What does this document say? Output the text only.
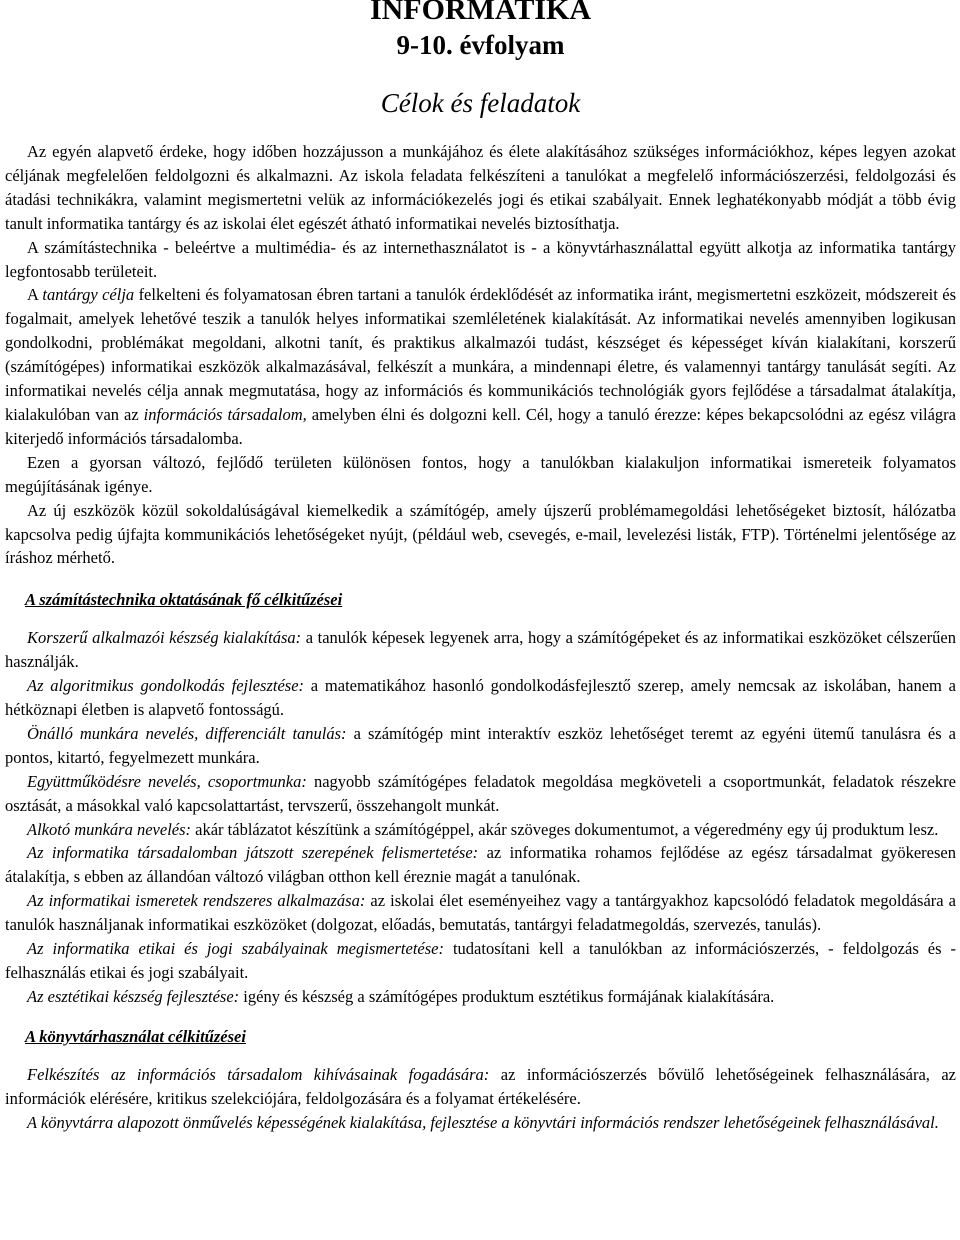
INFORMATIKA
9-10. évfolyam
Célok és feladatok

Az egyén alapvető érdeke, hogy időben hozzájusson a munkájához és élete alakításához szükséges információkhoz, képes legyen azokat céljának megfelelően feldolgozni és alkalmazni. Az iskola feladata felkészíteni a tanulókat a megfelelő információszerzési, feldolgozási és átadási technikákra, valamint megismertetni velük az információkezelés jogi és etikai szabályait. Ennek leghatékonyabb módját a több évig tanult informatika tantárgy és az iskolai élet egészét átható informatikai nevelés biztosíthatja.

A számítástechnika - beleértve a multimédia- és az internethasználatot is - a könyvtárhasználattal együtt alkotja az informatika tantárgy legfontosabb területeit.

A tantárgy célja felkelteni és folyamatosan ébren tartani a tanulók érdeklődését az informatika iránt, megismertetni eszközeit, módszereit és fogalmait, amelyek lehetővé teszik a tanulók helyes informatikai szemléletének kialakítását. Az informatikai nevelés amennyiben logikusan gondolkodni, problémákat megoldani, alkotni tanít, és praktikus alkalmazói tudást, készséget és képességet kíván kialakítani, korszerű (számítógépes) informatikai eszközök alkalmazásával, felkészít a munkára, a mindennapi életre, és valamennyi tantárgy tanulását segíti. Az informatikai nevelés célja annak megmutatása, hogy az információs és kommunikációs technológiák gyors fejlődése a társadalmat átalakítja, kialakulóban van az információs társadalom, amelyben élni és dolgozni kell. Cél, hogy a tanuló érezze: képes bekapcsolódni az egész világra kiterjedő információs társadalomba.

Ezen a gyorsan változó, fejlődő területen különösen fontos, hogy a tanulókban kialakuljon informatikai ismereteik folyamatos megújításának igénye.

Az új eszközök közül sokoldalúságával kiemelkedik a számítógép, amely újszerű problémamegoldási lehetőségeket biztosít, hálózatba kapcsolva pedig újfajta kommunikációs lehetőségeket nyújt, (például web, csevegés, e-mail, levelezési listák, FTP). Történelmi jelentősége az íráshoz mérhető.

A számítástechnika oktatásának fő célkitűzései

Korszerű alkalmazói készség kialakítása: a tanulók képesek legyenek arra, hogy a számítógépeket és az informatikai eszközöket célszerűen használják.

Az algoritmikus gondolkodás fejlesztése: a matematikához hasonló gondolkodásfejlesztő szerep, amely nemcsak az iskolában, hanem a hétköznapi életben is alapvető fontosságú.

Önálló munkára nevelés, differenciált tanulás: a számítógép mint interaktív eszköz lehetőséget teremt az egyéni ütemű tanulásra és a pontos, kitartó, fegyelmezett munkára.

Együttműködésre nevelés, csoportmunka: nagyobb számítógépes feladatok megoldása megköveteli a csoportmunkát, feladatok részekre osztását, a másokkal való kapcsolattartást, tervszerű, összehangolt munkát.

Alkotó munkára nevelés: akár táblázatot készítünk a számítógéppel, akár szöveges dokumentumot, a végeredmény egy új produktum lesz.

Az informatika társadalomban játszott szerepének felismertetése: az informatika rohamos fejlődése az egész társadalmat gyökeresen átalakítja, s ebben az állandóan változó világban otthon kell éreznie magát a tanulónak.

Az informatikai ismeretek rendszeres alkalmazása: az iskolai élet eseményeihez vagy a tantárgyakhoz kapcsolódó feladatok megoldására a tanulók használjanak informatikai eszközöket (dolgozat, előadás, bemutatás, tantárgyi feladatmegoldás, szervezés, tanulás).

Az informatika etikai és jogi szabályainak megismertetése: tudatosítani kell a tanulókban az információszerzés, - feldolgozás és -felhasználás etikai és jogi szabályait.

Az esztétikai készség fejlesztése: igény és készség a számítógépes produktum esztétikus formájának kialakítására.

A könyvtárhasználat célkitűzései

Felkészítés az információs társadalom kihívásainak fogadására: az információszerzés bővülő lehetőségeinek felhasználására, az információk elérésére, kritikus szelekciójára, feldolgozására és a folyamat értékelésére.

A könyvtárra alapozott önművelés képességének kialakítása, fejlesztése a könyvtári információs rendszer lehetőségeinek felhasználásával.
